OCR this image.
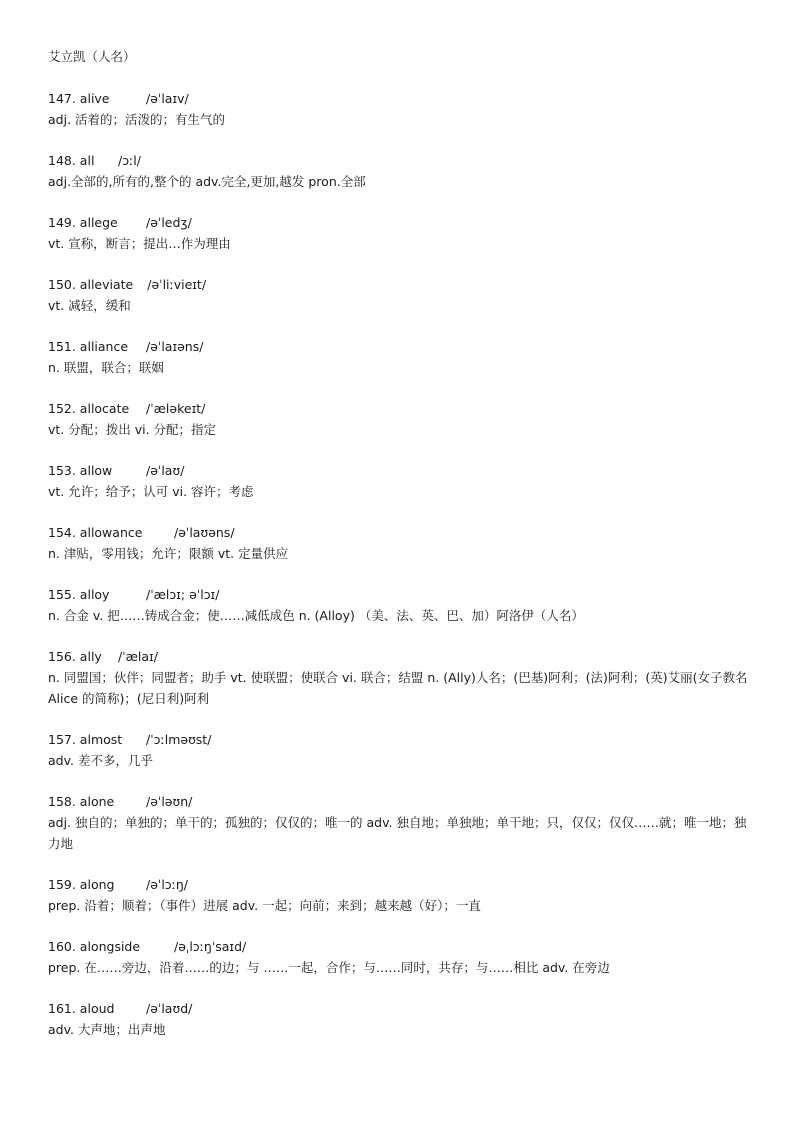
艾立凯（人名）
147. alive	/əˈlaɪv/
adj. 活着的；活泼的；有生气的
148. all /ɔːl/
adj.全部的,所有的,整个的 adv.完全,更加,越发 pron.全部
149. allege /əˈledʒ/
vt. 宣称，断言；提出…作为理由
150. alleviate /əˈliːvieɪt/
vt. 减轻，缓和
151. alliance /əˈlaɪəns/
n. 联盟，联合；联姻
152. allocate /ˈæləkeɪt/
vt. 分配；拨出 vi. 分配；指定
153. allow	/əˈlaʊ/
vt. 允许；给予；认可 vi. 容许；考虑
154. allowance	/əˈlaʊəns/
n. 津贴，零用钱；允许；限额 vt. 定量供应
155. alloy	/ˈælɔɪ; əˈlɔɪ/
n. 合金 v. 把……铸成合金；使……减低成色 n. (Alloy) （美、法、英、巴、加）阿洛伊（人名）
156. ally /ˈælaɪ/
n. 同盟国；伙伴；同盟者；助手 vt. 使联盟；使联合 vi. 联合；结盟 n. (Ally)人名；(巴基)阿利；(法)阿利；(英)艾丽(女子教名 Alice 的简称)；(尼日利)阿利
157. almost /ˈɔːlməʊst/
adv. 差不多，几乎
158. alone	/əˈləʊn/
adj. 独自的；单独的；单干的；孤独的；仅仅的；唯一的 adv. 独自地；单独地；单干地；只，仅仅；仅仅……就；唯一地；独力地
159. along	/əˈlɔːŋ/
prep. 沿着；顺着；（事件）进展 adv. 一起；向前；来到；越来越（好）；一直
160. alongside	/əˌlɔːŋˈsaɪd/
prep. 在……旁边，沿着……的边；与 ……一起，合作；与……同时，共存；与……相比 adv. 在旁边
161. aloud	/əˈlaʊd/
adv. 大声地；出声地
